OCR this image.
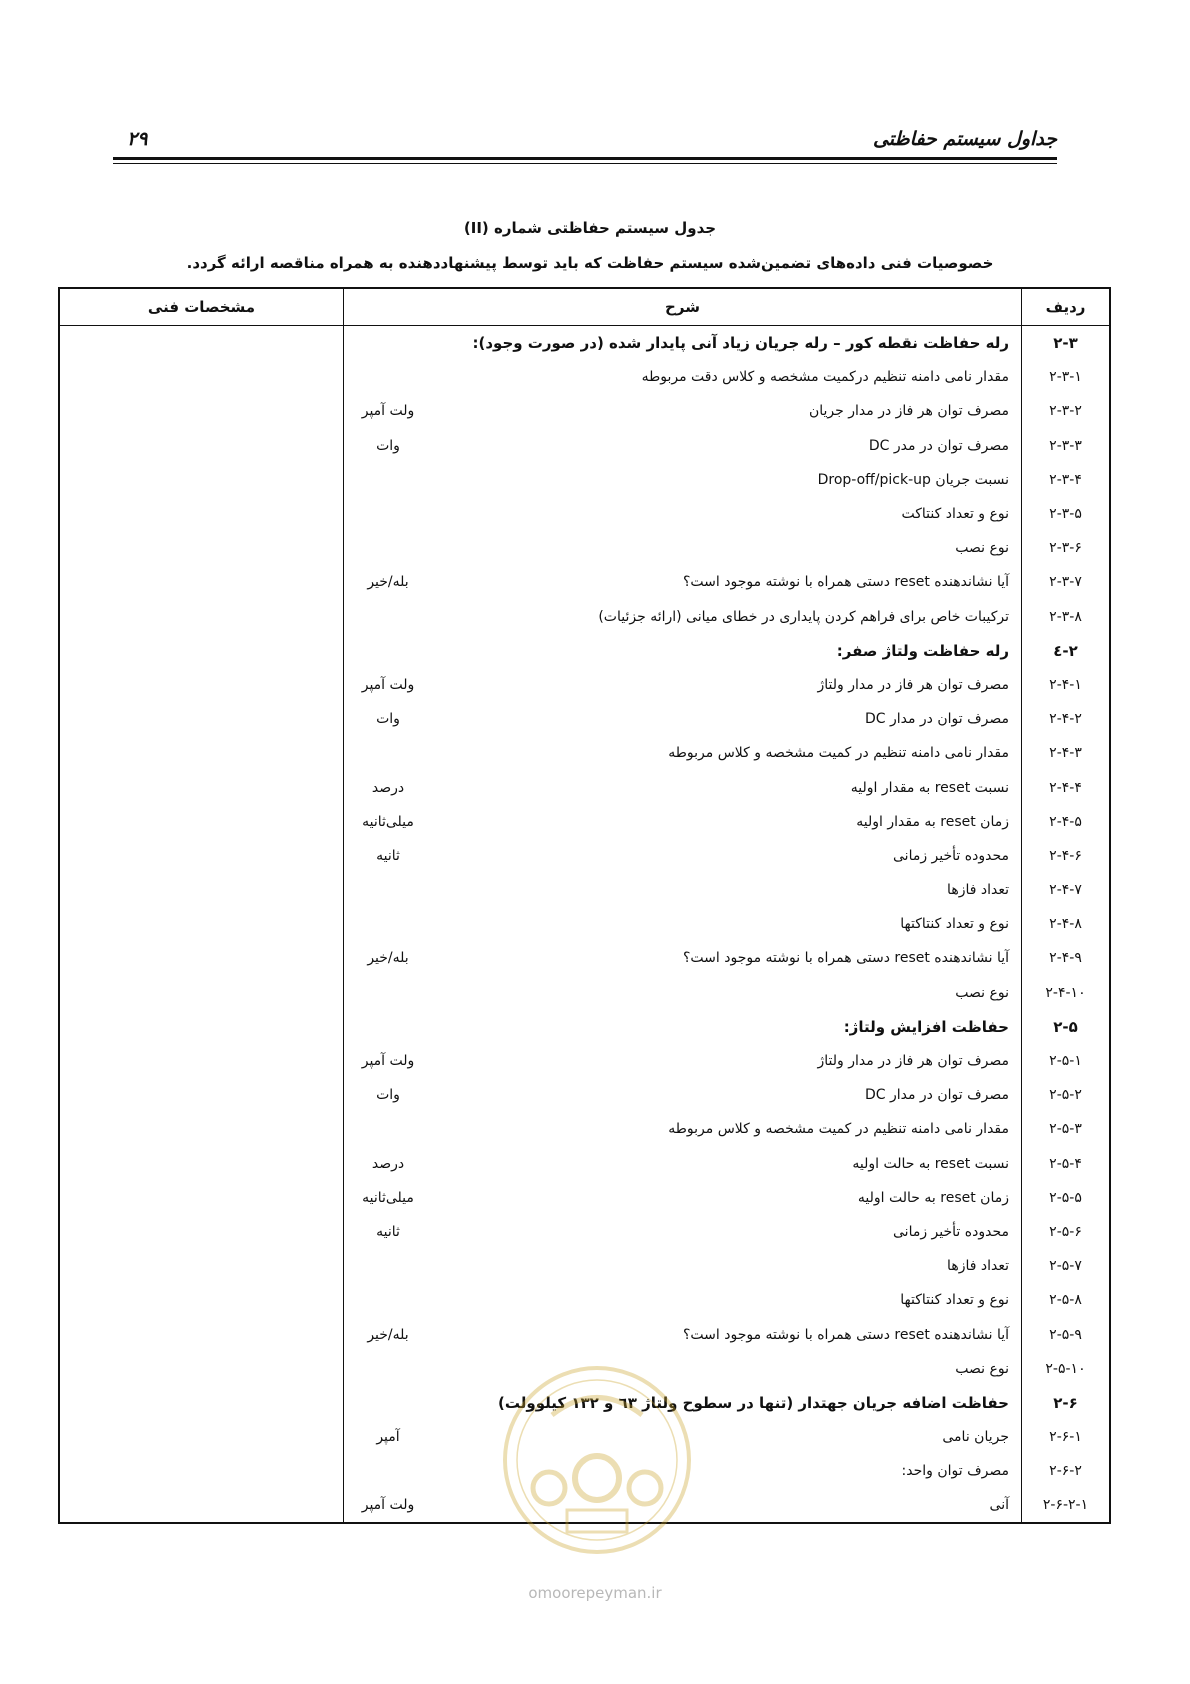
جداول سیستم حفاظتی
۲۹
جدول سیستم حفاظتی شماره (II)
خصوصیات فنی داده‌های تضمین‌شده سیستم حفاظت که باید توسط پیشنهاددهنده به همراه مناقصه ارائه گردد.
ردیف
شرح
مشخصات فنی
۲-۳
رله حفاظت نقطه کور – رله جریان زیاد آنی پایدار شده (در صورت وجود):
۲-۳-۱
مقدار نامی دامنه تنظیم درکمیت مشخصه و کلاس دقت مربوطه
۲-۳-۲
مصرف توان هر فاز در مدار جریان
ولت آمپر
۲-۳-۳
مصرف توان در مدر DC
وات
۲-۳-۴
نسبت جریان Drop-off/pick-up
۲-۳-۵
نوع و تعداد کنتاکت
۲-۳-۶
نوع نصب
۲-۳-۷
آیا نشاندهنده reset دستی همراه با نوشته موجود است؟
بله/خیر
۲-۳-۸
ترکیبات خاص برای فراهم کردن پایداری در خطای میانی (ارائه جزئیات)
۲-٤
رله حفاظت ولتاژ صفر:
۲-۴-۱
مصرف توان هر فاز در مدار ولتاژ
ولت آمپر
۲-۴-۲
مصرف توان در مدار DC
وات
۲-۴-۳
مقدار نامی دامنه تنظیم در کمیت مشخصه و کلاس مربوطه
۲-۴-۴
نسبت reset به مقدار اولیه
درصد
۲-۴-۵
زمان reset به مقدار اولیه
میلی‌ثانیه
۲-۴-۶
محدوده تأخیر زمانی
ثانیه
۲-۴-۷
تعداد فازها
۲-۴-۸
نوع و تعداد کنتاکتها
۲-۴-۹
آیا نشاندهنده reset دستی همراه با نوشته موجود است؟
بله/خیر
۲-۴-۱۰
نوع نصب
۲-۵
حفاظت افزایش ولتاژ:
۲-۵-۱
مصرف توان هر فاز در مدار ولتاژ
ولت آمپر
۲-۵-۲
مصرف توان در مدار DC
وات
۲-۵-۳
مقدار نامی دامنه تنظیم در کمیت مشخصه و کلاس مربوطه
۲-۵-۴
نسبت reset به حالت اولیه
درصد
۲-۵-۵
زمان reset به حالت اولیه
میلی‌ثانیه
۲-۵-۶
محدوده تأخیر زمانی
ثانیه
۲-۵-۷
تعداد فازها
۲-۵-۸
نوع و تعداد کنتاکتها
۲-۵-۹
آیا نشاندهنده reset دستی همراه با نوشته موجود است؟
بله/خیر
۲-۵-۱۰
نوع نصب
۲-۶
حفاظت اضافه جریان جهتدار (تنها در سطوح ولتاژ ٦٣ و ۱۳۲ کیلوولت)
۲-۶-۱
جریان نامی
آمپر
۲-۶-۲
مصرف توان واحد:
۲-۶-۲-۱
آنی
ولت آمپر
omoorepeyman.ir
